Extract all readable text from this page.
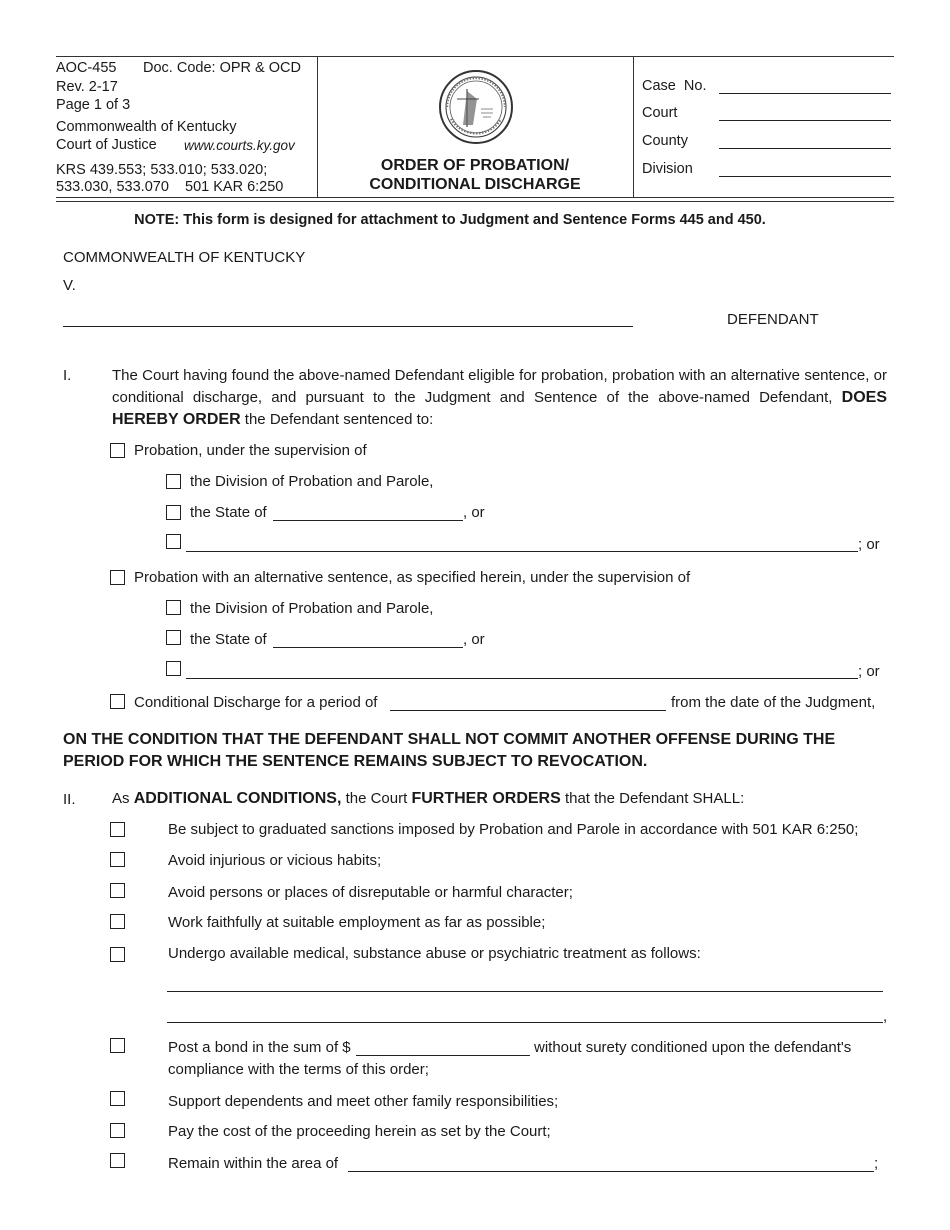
AOC-455 Doc. Code: OPR & OCD
Rev. 2-17
Page 1 of 3
Commonwealth of Kentucky
Court of Justice www.courts.ky.gov
KRS 439.553; 533.010; 533.020;
533.030, 533.070    501 KAR 6:250
ORDER OF PROBATION/
CONDITIONAL DISCHARGE
Case  No.
Court
County
Division
NOTE: This form is designed for attachment to Judgment and Sentence Forms 445 and 450.
COMMONWEALTH OF KENTUCKY
V.
DEFENDANT
I.	The Court having found the above-named Defendant eligible for probation, probation with an alternative sentence, or conditional discharge, and pursuant to the Judgment and Sentence of the above-named Defendant, DOES HEREBY ORDER the Defendant sentenced to:
Probation, under the supervision of
the Division of Probation and Parole,
the State of	, or
; or
Probation with an alternative sentence, as specified herein, under the supervision of
the Division of Probation and Parole,
the State of	, or
; or
Conditional Discharge for a period of	from the date of the Judgment,
ON THE CONDITION THAT THE DEFENDANT SHALL NOT COMMIT ANOTHER OFFENSE DURING THE
PERIOD FOR WHICH THE SENTENCE REMAINS SUBJECT TO REVOCATION.
II. As ADDITIONAL CONDITIONS, the Court FURTHER ORDERS that the Defendant SHALL:
Be subject to graduated sanctions imposed by Probation and Parole in accordance with 501 KAR 6:250;
Avoid injurious or vicious habits;
Avoid persons or places of disreputable or harmful character;
Work faithfully at suitable employment as far as possible;
Undergo available medical, substance abuse or psychiatric treatment as follows:
,
Post a bond in the sum of $	without surety conditioned upon the defendant's
compliance with the terms of this order;
Support dependents and meet other family responsibilities;
Pay the cost of the proceeding herein as set by the Court;
Remain within the area of	;
